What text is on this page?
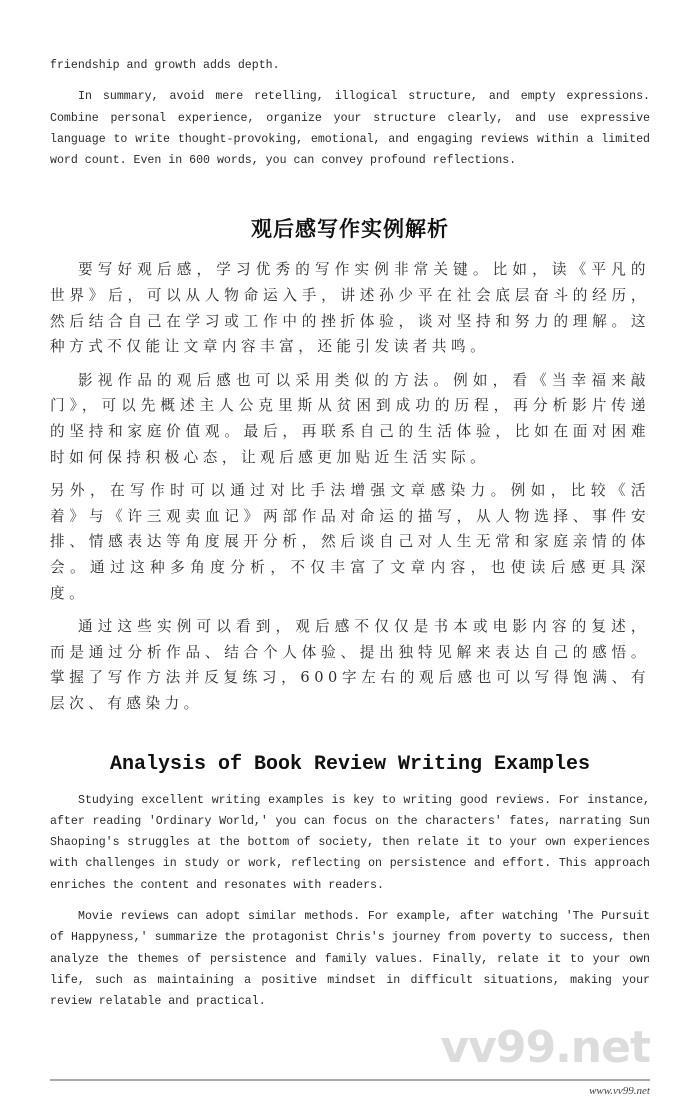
friendship and growth adds depth.

In summary, avoid mere retelling, illogical structure, and empty expressions. Combine personal experience, organize your structure clearly, and use expressive language to write thought-provoking, emotional, and engaging reviews within a limited word count. Even in 600 words, you can convey profound reflections.

观后感写作实例解析

要写好观后感，学习优秀的写作实例非常关键。比如，读《平凡的世界》后，可以从人物命运入手，讲述孙少平在社会底层奋斗的经历，然后结合自己在学习或工作中的挫折体验，谈对坚持和努力的理解。这种方式不仅能让文章内容丰富，还能引发读者共鸣。

影视作品的观后感也可以采用类似的方法。例如，看《当幸福来敲门》，可以先概述主人公克里斯从贫困到成功的历程，再分析影片传递的坚持和家庭价值观。最后，再联系自己的生活体验，比如在面对困难时如何保持积极心态，让观后感更加贴近生活实际。

另外，在写作时可以通过对比手法增强文章感染力。例如，比较《活着》与《许三观卖血记》两部作品对命运的描写，从人物选择、事件安排、情感表达等角度展开分析，然后谈自己对人生无常和家庭亲情的体会。通过这种多角度分析，不仅丰富了文章内容，也使读后感更具深度。

通过这些实例可以看到，观后感不仅仅是书本或电影内容的复述，而是通过分析作品、结合个人体验、提出独特见解来表达自己的感悟。掌握了写作方法并反复练习，600字左右的观后感也可以写得饱满、有层次、有感染力。

Analysis of Book Review Writing Examples

Studying excellent writing examples is key to writing good reviews. For instance, after reading 'Ordinary World,' you can focus on the characters' fates, narrating Sun Shaoping's struggles at the bottom of society, then relate it to your own experiences with challenges in study or work, reflecting on persistence and effort. This approach enriches the content and resonates with readers.

Movie reviews can adopt similar methods. For example, after watching 'The Pursuit of Happyness,' summarize the protagonist Chris's journey from poverty to success, then analyze the themes of persistence and family values. Finally, relate it to your own life, such as maintaining a positive mindset in difficult situations, making your review relatable and practical.

vv99.net
www.vv99.net
